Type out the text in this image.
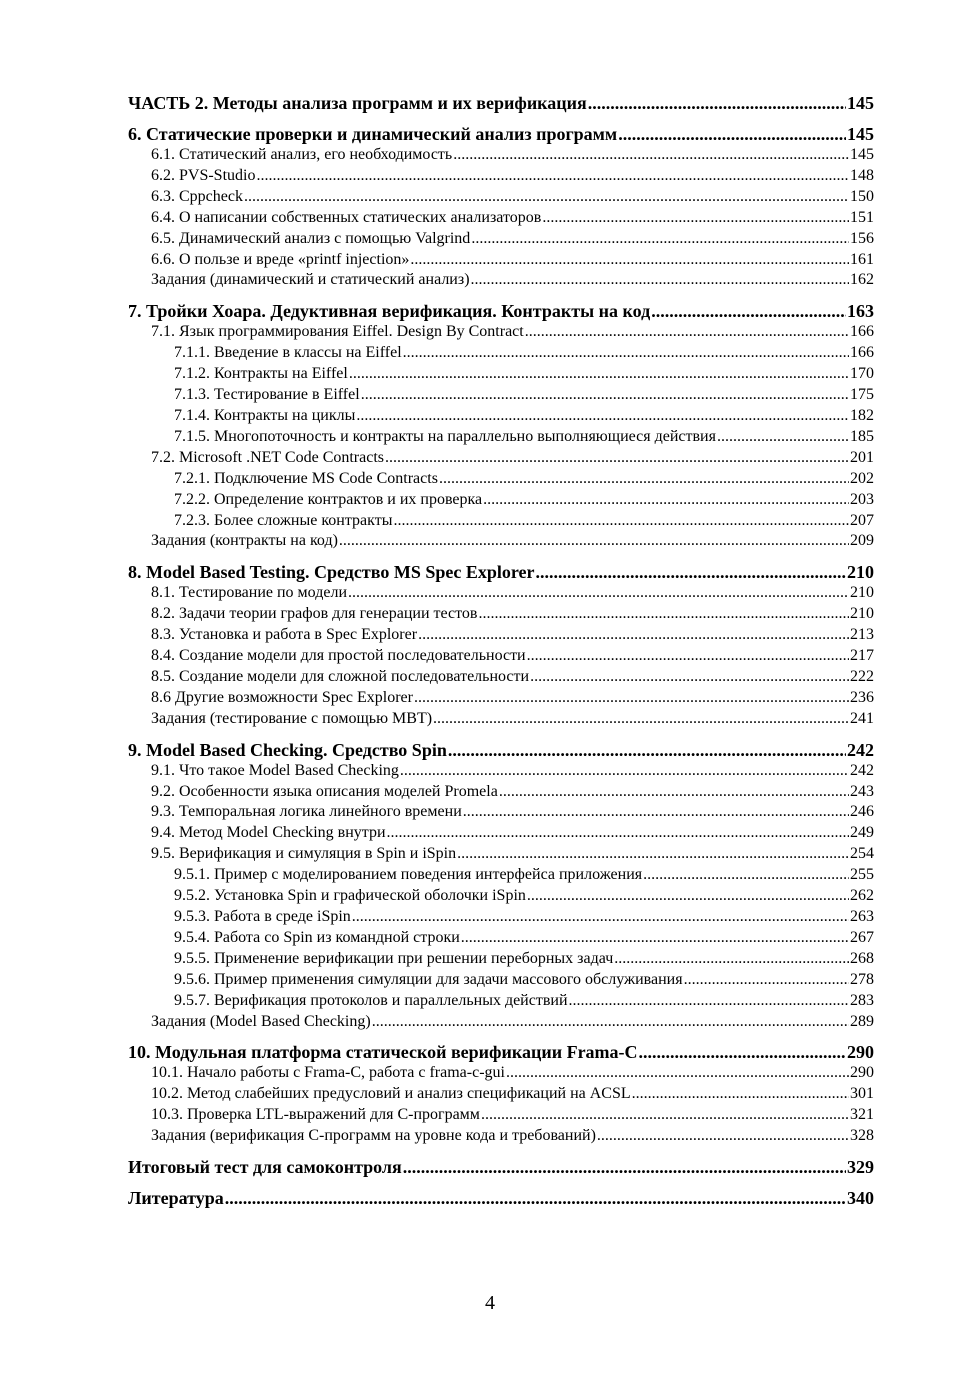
ЧАСТЬ 2. Методы анализа программ и их верификация .....	145
6. Статические проверки и динамический анализ программ .....	145
6.1. Статический анализ, его необходимость .....	145
6.2. PVS-Studio .....	148
6.3. Cppcheck .....	150
6.4. О написании собственных статических анализаторов .....	151
6.5. Динамический анализ с помощью Valgrind .....	156
6.6. О пользе и вреде «printf injection» .....	161
Задания (динамический и статический анализ) .....	162
7. Тройки Хоара. Дедуктивная верификация. Контракты на код .....	163
7.1. Язык программирования Eiffel. Design By Contract .....	166
7.1.1. Введение в классы на Eiffel .....	166
7.1.2. Контракты на Eiffel .....	170
7.1.3. Тестирование в Eiffel .....	175
7.1.4. Контракты на циклы .....	182
7.1.5. Многопоточность и контракты на параллельно выполняющиеся действия .....	185
7.2. Microsoft .NET Code Contracts .....	201
7.2.1. Подключение MS Code Contracts .....	202
7.2.2. Определение контрактов и их проверка .....	203
7.2.3. Более сложные контракты .....	207
Задания (контракты на код) .....	209
8. Model Based Testing. Средство MS Spec Explorer .....	210
8.1. Тестирование по модели .....	210
8.2. Задачи теории графов для генерации тестов .....	210
8.3. Установка и работа в Spec Explorer .....	213
8.4. Создание модели для простой последовательности .....	217
8.5. Создание модели для сложной последовательности .....	222
8.6 Другие возможности Spec Explorer .....	236
Задания (тестирование с помощью MBT) .....	241
9. Model Based Checking. Средство Spin .....	242
9.1. Что такое Model Based Checking .....	242
9.2. Особенности языка описания моделей Promela .....	243
9.3. Темпоральная логика линейного времени .....	246
9.4. Метод Model Checking внутри .....	249
9.5. Верификация и симуляция в Spin и iSpin .....	254
9.5.1. Пример с моделированием поведения интерфейса приложения .....	255
9.5.2. Установка Spin и графической оболочки iSpin .....	262
9.5.3. Работа в среде iSpin .....	263
9.5.4. Работа со Spin из командной строки .....	267
9.5.5. Применение верификации при решении переборных задач .....	268
9.5.6. Пример применения симуляции для задачи массового обслуживания .....	278
9.5.7. Верификация протоколов и параллельных действий .....	283
Задания (Model Based Checking) .....	289
10. Модульная платформа статической верификации Frama-C .....	290
10.1. Начало работы с Frama-C, работа с frama-c-gui .....	290
10.2. Метод слабейших предусловий и анализ спецификаций на ACSL .....	301
10.3. Проверка LTL-выражений для C-программ .....	321
Задания (верификация C-программ на уровне кода и требований) .....	328
Итоговый тест для самоконтроля .....	329
Литература .....	340
4
